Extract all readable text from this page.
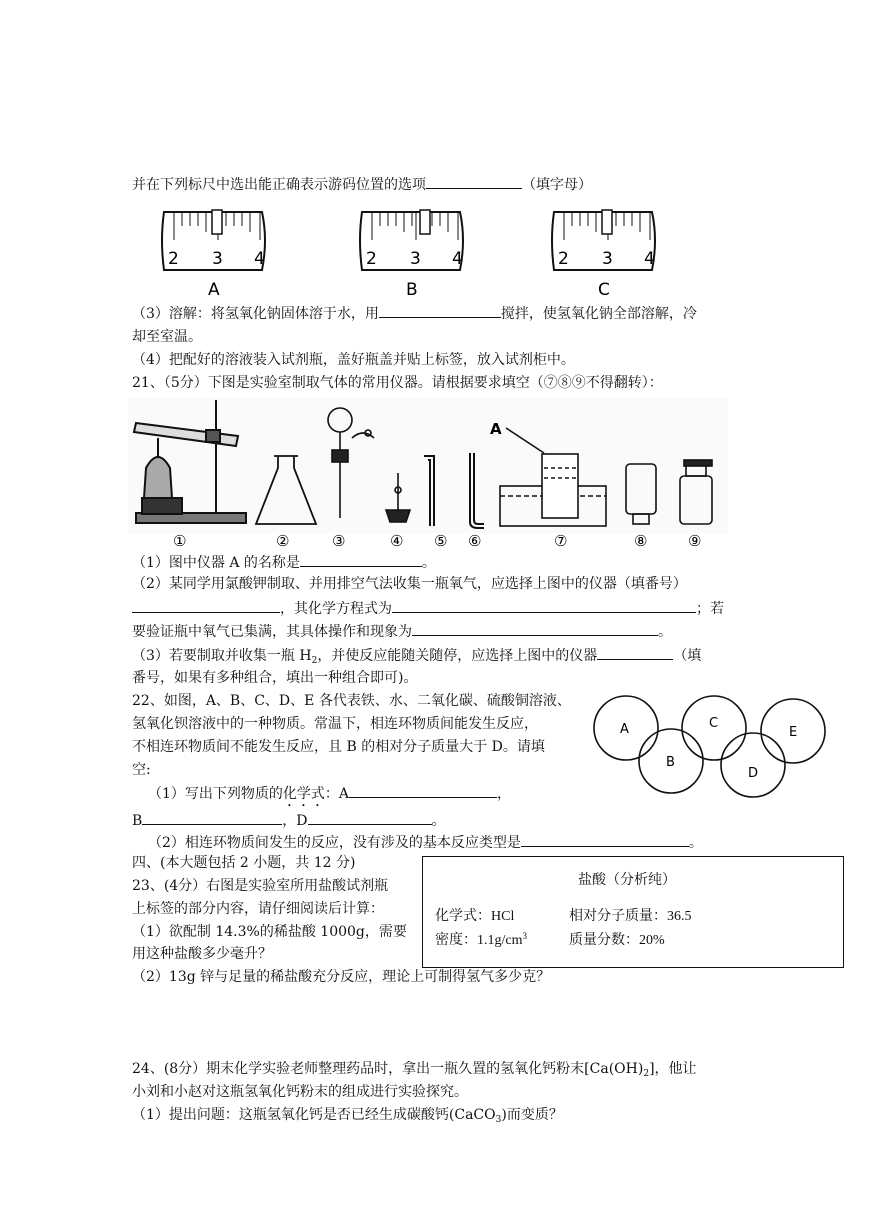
并在下列标尺中选出能正确表示游码位置的选项	（填字母）
2 3 4
A
2 3 4
B
2 3 4
C
（3）溶解：将氢氧化钠固体溶于水，用	搅拌，使氢氧化钠全部溶解，冷
却至室温。
（4）把配好的溶液装入试剂瓶，盖好瓶盖并贴上标签，放入试剂柜中。
21、（5分）下图是实验室制取气体的常用仪器。请根据要求填空（⑦⑧⑨不得翻转）：
①	②	③	④ ⑤ ⑥
A
⑦	⑧	⑨
（1）图中仪器 A 的名称是	。
（2）某同学用氯酸钾制取、并用排空气法收集一瓶氧气，应选择上图中的仪器（填番号）
，其化学方程式为	；若
要验证瓶中氧气已集满，其具体操作和现象为	。
（3）若要制取并收集一瓶 $H_2$，并使反应能随关随停，应选择上图中的仪器	（填
番号，如果有多种组合，填出一种组合即可)。
22、如图，A、B、C、D、E 各代表铁、水、二氧化碳、硫酸铜溶液、
氢氧化钡溶液中的一种物质。常温下，相连环物质间能发生反应，
不相连环物质间不能发生反应，且 B 的相对分子质量大于 D。请填
空:
（1）写出下列物质的化学式：A	，
B	，D	。
（2）相连环物质间发生的反应，没有涉及的基本反应类型是	。
A	C
E
B
D
四、(本大题包括 2 小题，共 12 分)
23、(4分）右图是实验室所用盐酸试剂瓶
上标签的部分内容，请仔细阅读后计算：
（1）欲配制 14.3%的稀盐酸 1000g，需要
用这种盐酸多少毫升？
（2）13g 锌与足量的稀盐酸充分反应，理论上可制得氢气多少克？
盐酸（分析纯）
化学式：HCl	相对分子质量：36.5
密度：$1.1g/cm^3$	质量分数：20%
24、(8分）期末化学实验老师整理药品时，拿出一瓶久置的氢氧化钙粉末$[Ca(OH)_2]$，他让
小刘和小赵对这瓶氢氧化钙粉末的组成进行实验探究。
（1）提出问题：这瓶氢氧化钙是否已经生成碳酸钙(CaCO$_3$)而变质？
